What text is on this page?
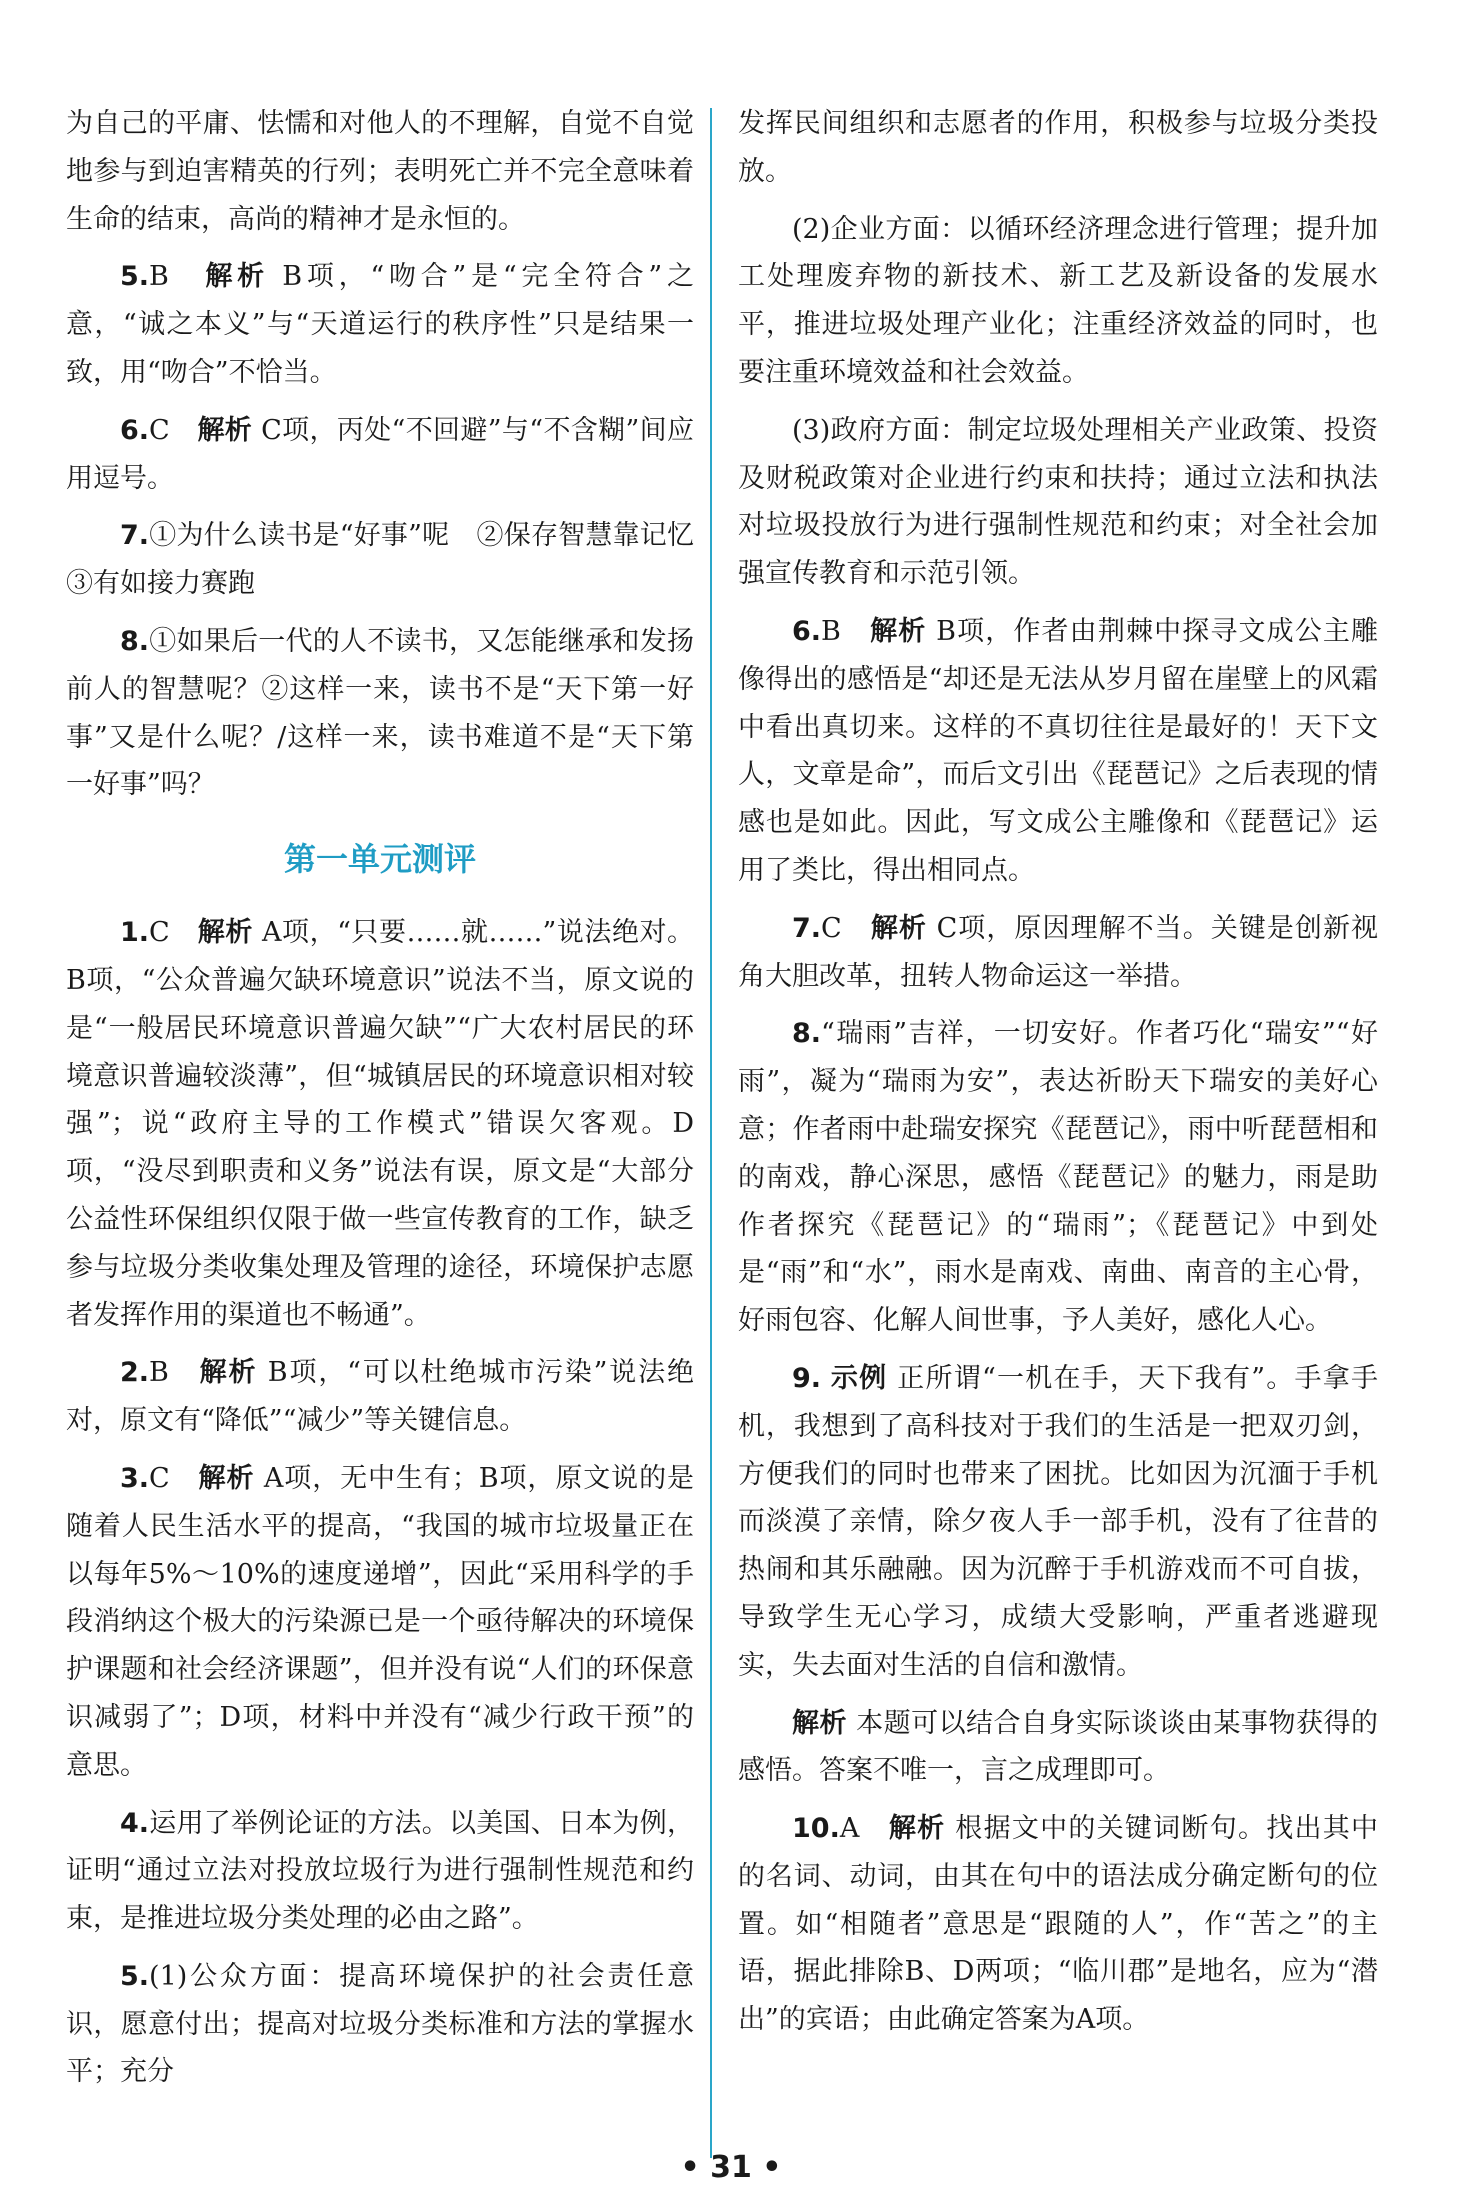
为自己的平庸、怯懦和对他人的不理解，自觉不自觉地参与到迫害精英的行列；表明死亡并不完全意味着生命的结束，高尚的精神才是永恒的。

5.B　 解析 B项，“吻合”是“完全符合”之意，“诚之本义”与“天道运行的秩序性”只是结果一致，用“吻合”不恰当。

6.C　 解析 C项，丙处“不回避”与“不含糊”间应用逗号。

7.①为什么读书是“好事”呢　②保存智慧靠记忆　③有如接力赛跑

8.①如果后一代的人不读书，又怎能继承和发扬前人的智慧呢？②这样一来，读书不是“天下第一好事”又是什么呢？/这样一来，读书难道不是“天下第一好事”吗？

第一单元测评

1.C　 解析 A项，“只要……就……”说法绝对。B项，“公众普遍欠缺环境意识”说法不当，原文说的是“一般居民环境意识普遍欠缺”“广大农村居民的环境意识普遍较淡薄”，但“城镇居民的环境意识相对较强”；说“政府主导的工作模式”错误欠客观。D项，“没尽到职责和义务”说法有误，原文是“大部分公益性环保组织仅限于做一些宣传教育的工作，缺乏参与垃圾分类收集处理及管理的途径，环境保护志愿者发挥作用的渠道也不畅通”。

2.B　 解析 B项，“可以杜绝城市污染”说法绝对，原文有“降低”“减少”等关键信息。

3.C　 解析 A项，无中生有；B项，原文说的是随着人民生活水平的提高，“我国的城市垃圾量正在以每年5%～10%的速度递增”，因此“采用科学的手段消纳这个极大的污染源已是一个亟待解决的环境保护课题和社会经济课题”，但并没有说“人们的环保意识减弱了”；D项，材料中并没有“减少行政干预”的意思。

4.运用了举例论证的方法。以美国、日本为例，证明“通过立法对投放垃圾行为进行强制性规范和约束，是推进垃圾分类处理的必由之路”。

5.(1)公众方面：提高环境保护的社会责任意识，愿意付出；提高对垃圾分类标准和方法的掌握水平；充分

发挥民间组织和志愿者的作用，积极参与垃圾分类投放。

(2)企业方面：以循环经济理念进行管理；提升加工处理废弃物的新技术、新工艺及新设备的发展水平，推进垃圾处理产业化；注重经济效益的同时，也要注重环境效益和社会效益。

(3)政府方面：制定垃圾处理相关产业政策、投资及财税政策对企业进行约束和扶持；通过立法和执法对垃圾投放行为进行强制性规范和约束；对全社会加强宣传教育和示范引领。

6.B　 解析 B项，作者由荆棘中探寻文成公主雕像得出的感悟是“却还是无法从岁月留在崖壁上的风霜中看出真切来。这样的不真切往往是最好的！天下文人，文章是命”，而后文引出《琵琶记》之后表现的情感也是如此。因此，写文成公主雕像和《琵琶记》运用了类比，得出相同点。

7.C　 解析 C项，原因理解不当。关键是创新视角大胆改革，扭转人物命运这一举措。

8.“瑞雨”吉祥，一切安好。作者巧化“瑞安”“好雨”，凝为“瑞雨为安”，表达祈盼天下瑞安的美好心意；作者雨中赴瑞安探究《琵琶记》，雨中听琵琶相和的南戏，静心深思，感悟《琵琶记》的魅力，雨是助作者探究《琵琶记》的“瑞雨”；《琵琶记》中到处是“雨”和“水”，雨水是南戏、南曲、南音的主心骨，好雨包容、化解人间世事，予人美好，感化人心。

9. 示例 正所谓“一机在手，天下我有”。手拿手机，我想到了高科技对于我们的生活是一把双刃剑，方便我们的同时也带来了困扰。比如因为沉湎于手机而淡漠了亲情，除夕夜人手一部手机，没有了往昔的热闹和其乐融融。因为沉醉于手机游戏而不可自拔，导致学生无心学习，成绩大受影响，严重者逃避现实，失去面对生活的自信和激情。

解析 本题可以结合自身实际谈谈由某事物获得的感悟。答案不唯一，言之成理即可。

10.A　 解析 根据文中的关键词断句。找出其中的名词、动词，由其在句中的语法成分确定断句的位置。如“相随者”意思是“跟随的人”，作“苦之”的主语，据此排除B、D两项；“临川郡”是地名，应为“潜出”的宾语；由此确定答案为A项。

• 31 •
